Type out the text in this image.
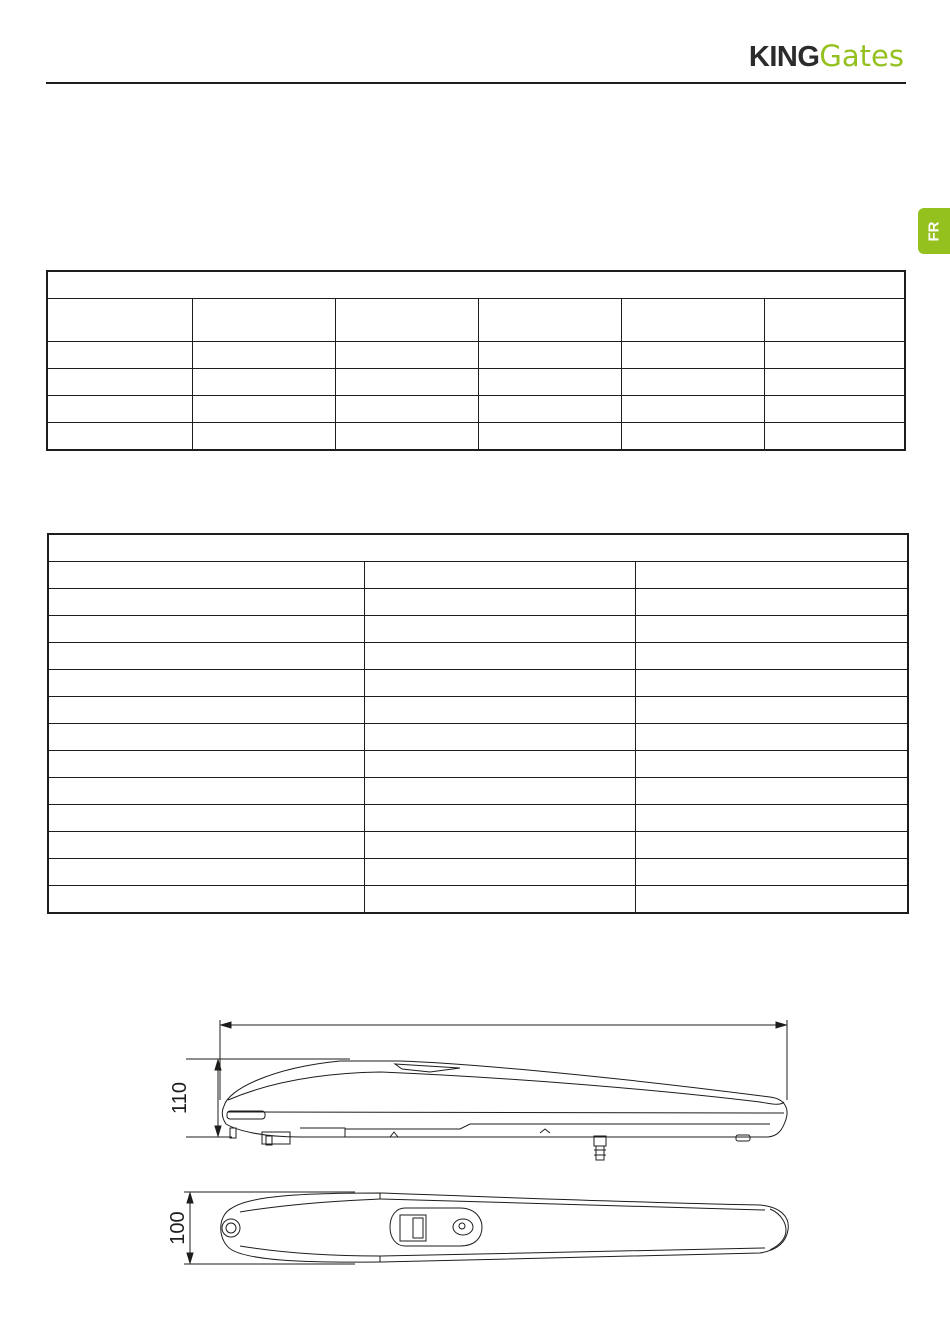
KINGGates
FR

110
100
